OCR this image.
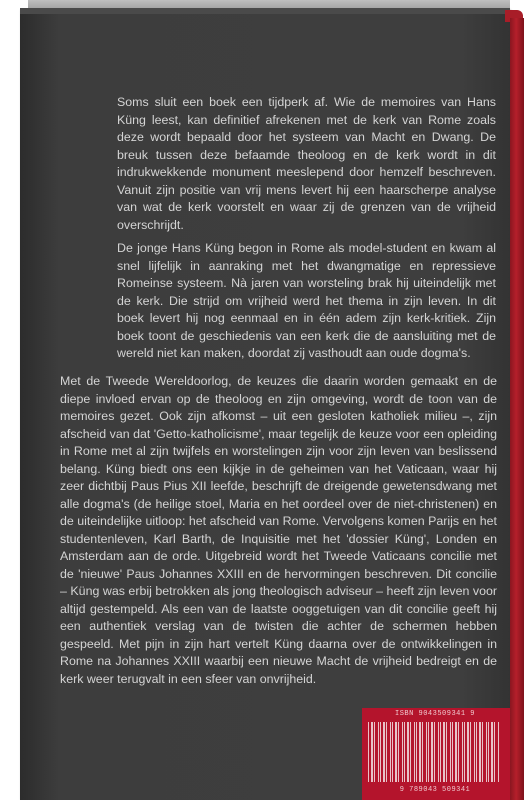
Soms sluit een boek een tijdperk af. Wie de memoires van Hans Küng leest, kan definitief afrekenen met de kerk van Rome zoals deze wordt bepaald door het systeem van Macht en Dwang. De breuk tussen deze befaamde theoloog en de kerk wordt in dit indrukwekkende monument meeslepend door hemzelf beschreven. Vanuit zijn positie van vrij mens levert hij een haarscherpe analyse van wat de kerk voorstelt en waar zij de grenzen van de vrijheid overschrijdt.

De jonge Hans Küng begon in Rome als model-student en kwam al snel lijfelijk in aanraking met het dwangmatige en repressieve Romeinse systeem. Nà jaren van worsteling brak hij uiteindelijk met de kerk. Die strijd om vrijheid werd het thema in zijn leven. In dit boek levert hij nog eenmaal en in één adem zijn kerk-kritiek. Zijn boek toont de geschiedenis van een kerk die de aansluiting met de wereld niet kan maken, doordat zij vasthoudt aan oude dogma's.

Met de Tweede Wereldoorlog, de keuzes die daarin worden gemaakt en de diepe invloed ervan op de theoloog en zijn omgeving, wordt de toon van de memoires gezet. Ook zijn afkomst – uit een gesloten katholiek milieu –, zijn afscheid van dat 'Getto-katholicisme', maar tegelijk de keuze voor een opleiding in Rome met al zijn twijfels en worstelingen zijn voor zijn leven van beslissend belang. Küng biedt ons een kijkje in de geheimen van het Vaticaan, waar hij zeer dichtbij Paus Pius XII leefde, beschrijft de dreigende gewetensdwang met alle dogma's (de heilige stoel, Maria en het oordeel over de niet-christenen) en de uiteindelijke uitloop: het afscheid van Rome. Vervolgens komen Parijs en het studentenleven, Karl Barth, de Inquisitie met het 'dossier Küng', Londen en Amsterdam aan de orde. Uitgebreid wordt het Tweede Vaticaans concilie met de 'nieuwe' Paus Johannes XXIII en de hervormingen beschreven. Dit concilie – Küng was erbij betrokken als jong theologisch adviseur – heeft zijn leven voor altijd gestempeld. Als een van de laatste ooggetuigen van dit concilie geeft hij een authentiek verslag van de twisten die achter de schermen hebben gespeeld. Met pijn in zijn hart vertelt Küng daarna over de ontwikkelingen in Rome na Johannes XXIII waarbij een nieuwe Macht de vrijheid bedreigt en de kerk weer terugvalt in een sfeer van onvrijheid.

ISBN 9043509341 9
9 789043 509341
